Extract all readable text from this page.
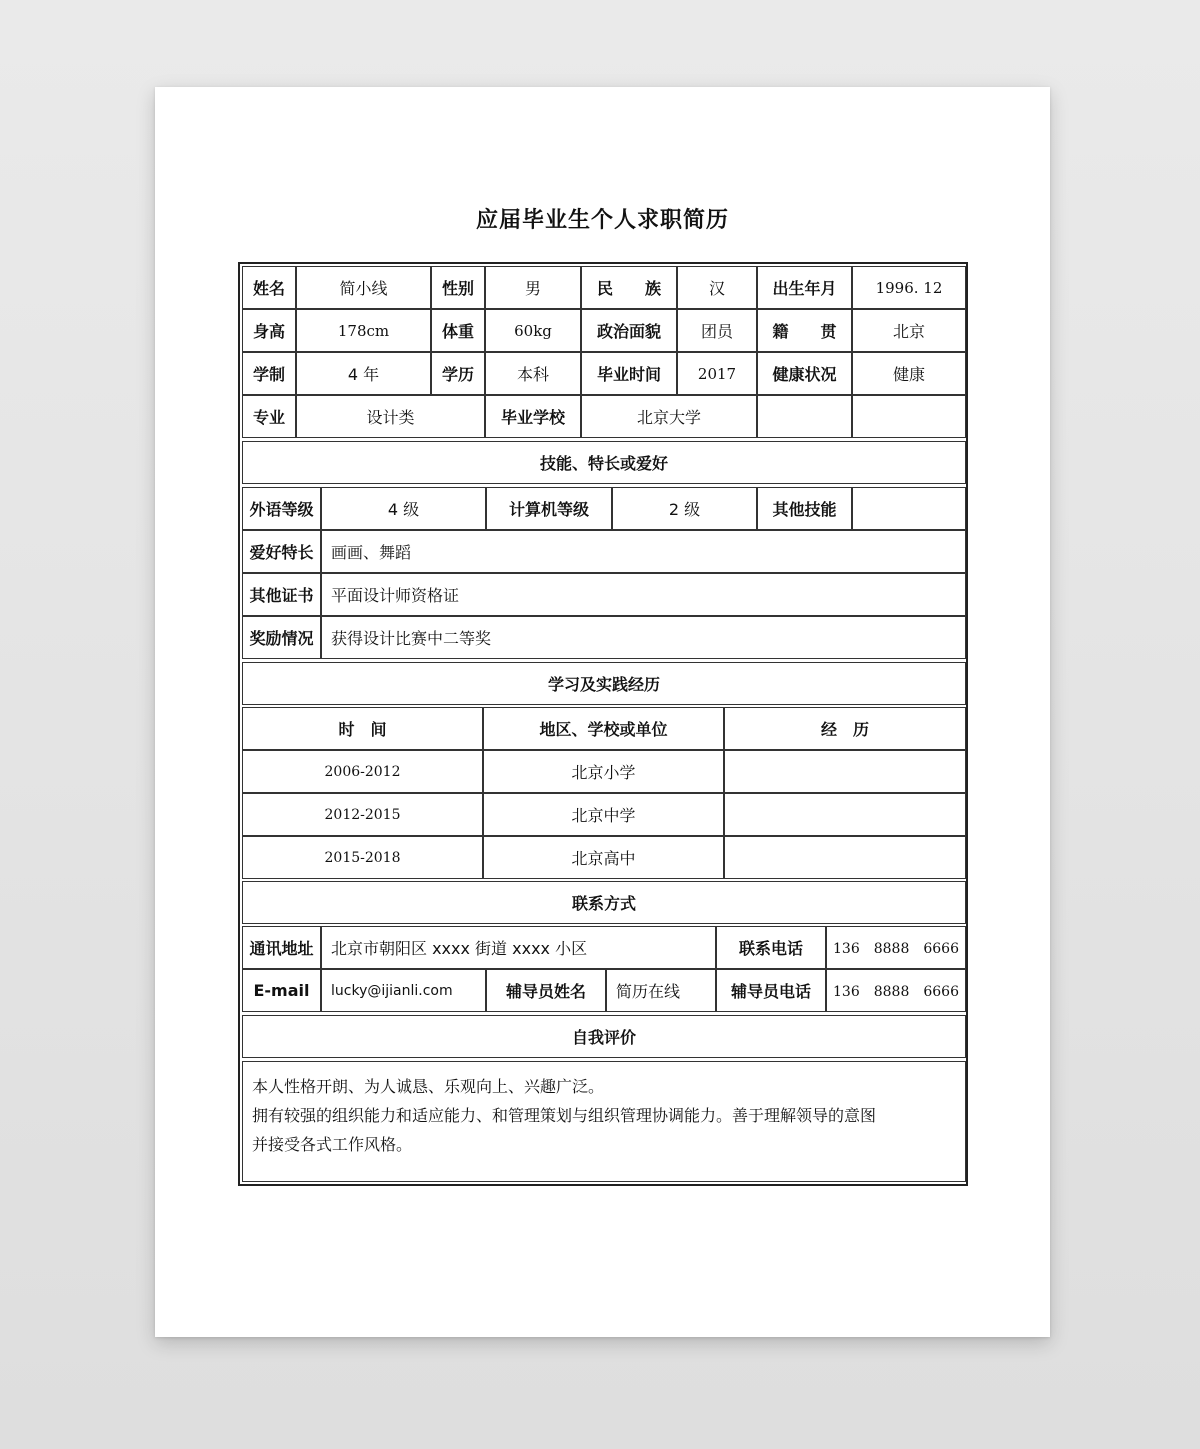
应届毕业生个人求职简历
姓名	简小线	性别	男	民　　族	汉	出生年月	1996. 12
身高	178cm	体重	60kg	政治面貌	团员	籍　　贯	北京
学制	4 年	学历	本科	毕业时间	2017	健康状况	健康
专业	设计类	毕业学校	北京大学
技能、特长或爱好
外语等级	4 级	计算机等级	2 级	其他技能
爱好特长	画画、舞蹈
其他证书	平面设计师资格证
奖励情况	获得设计比赛中二等奖
学习及实践经历
时　间	地区、学校或单位	经　历
2006-2012	北京小学
2012-2015	北京中学
2015-2018	北京高中
联系方式
通讯地址	北京市朝阳区 xxxx 街道 xxxx 小区	联系电话	136　8888　6666
E-mail	lucky@ijianli.com	辅导员姓名	简历在线	辅导员电话	136　8888　6666
自我评价
本人性格开朗、为人诚恳、乐观向上、兴趣广泛。
拥有较强的组织能力和适应能力、和管理策划与组织管理协调能力。善于理解领导的意图
并接受各式工作风格。
